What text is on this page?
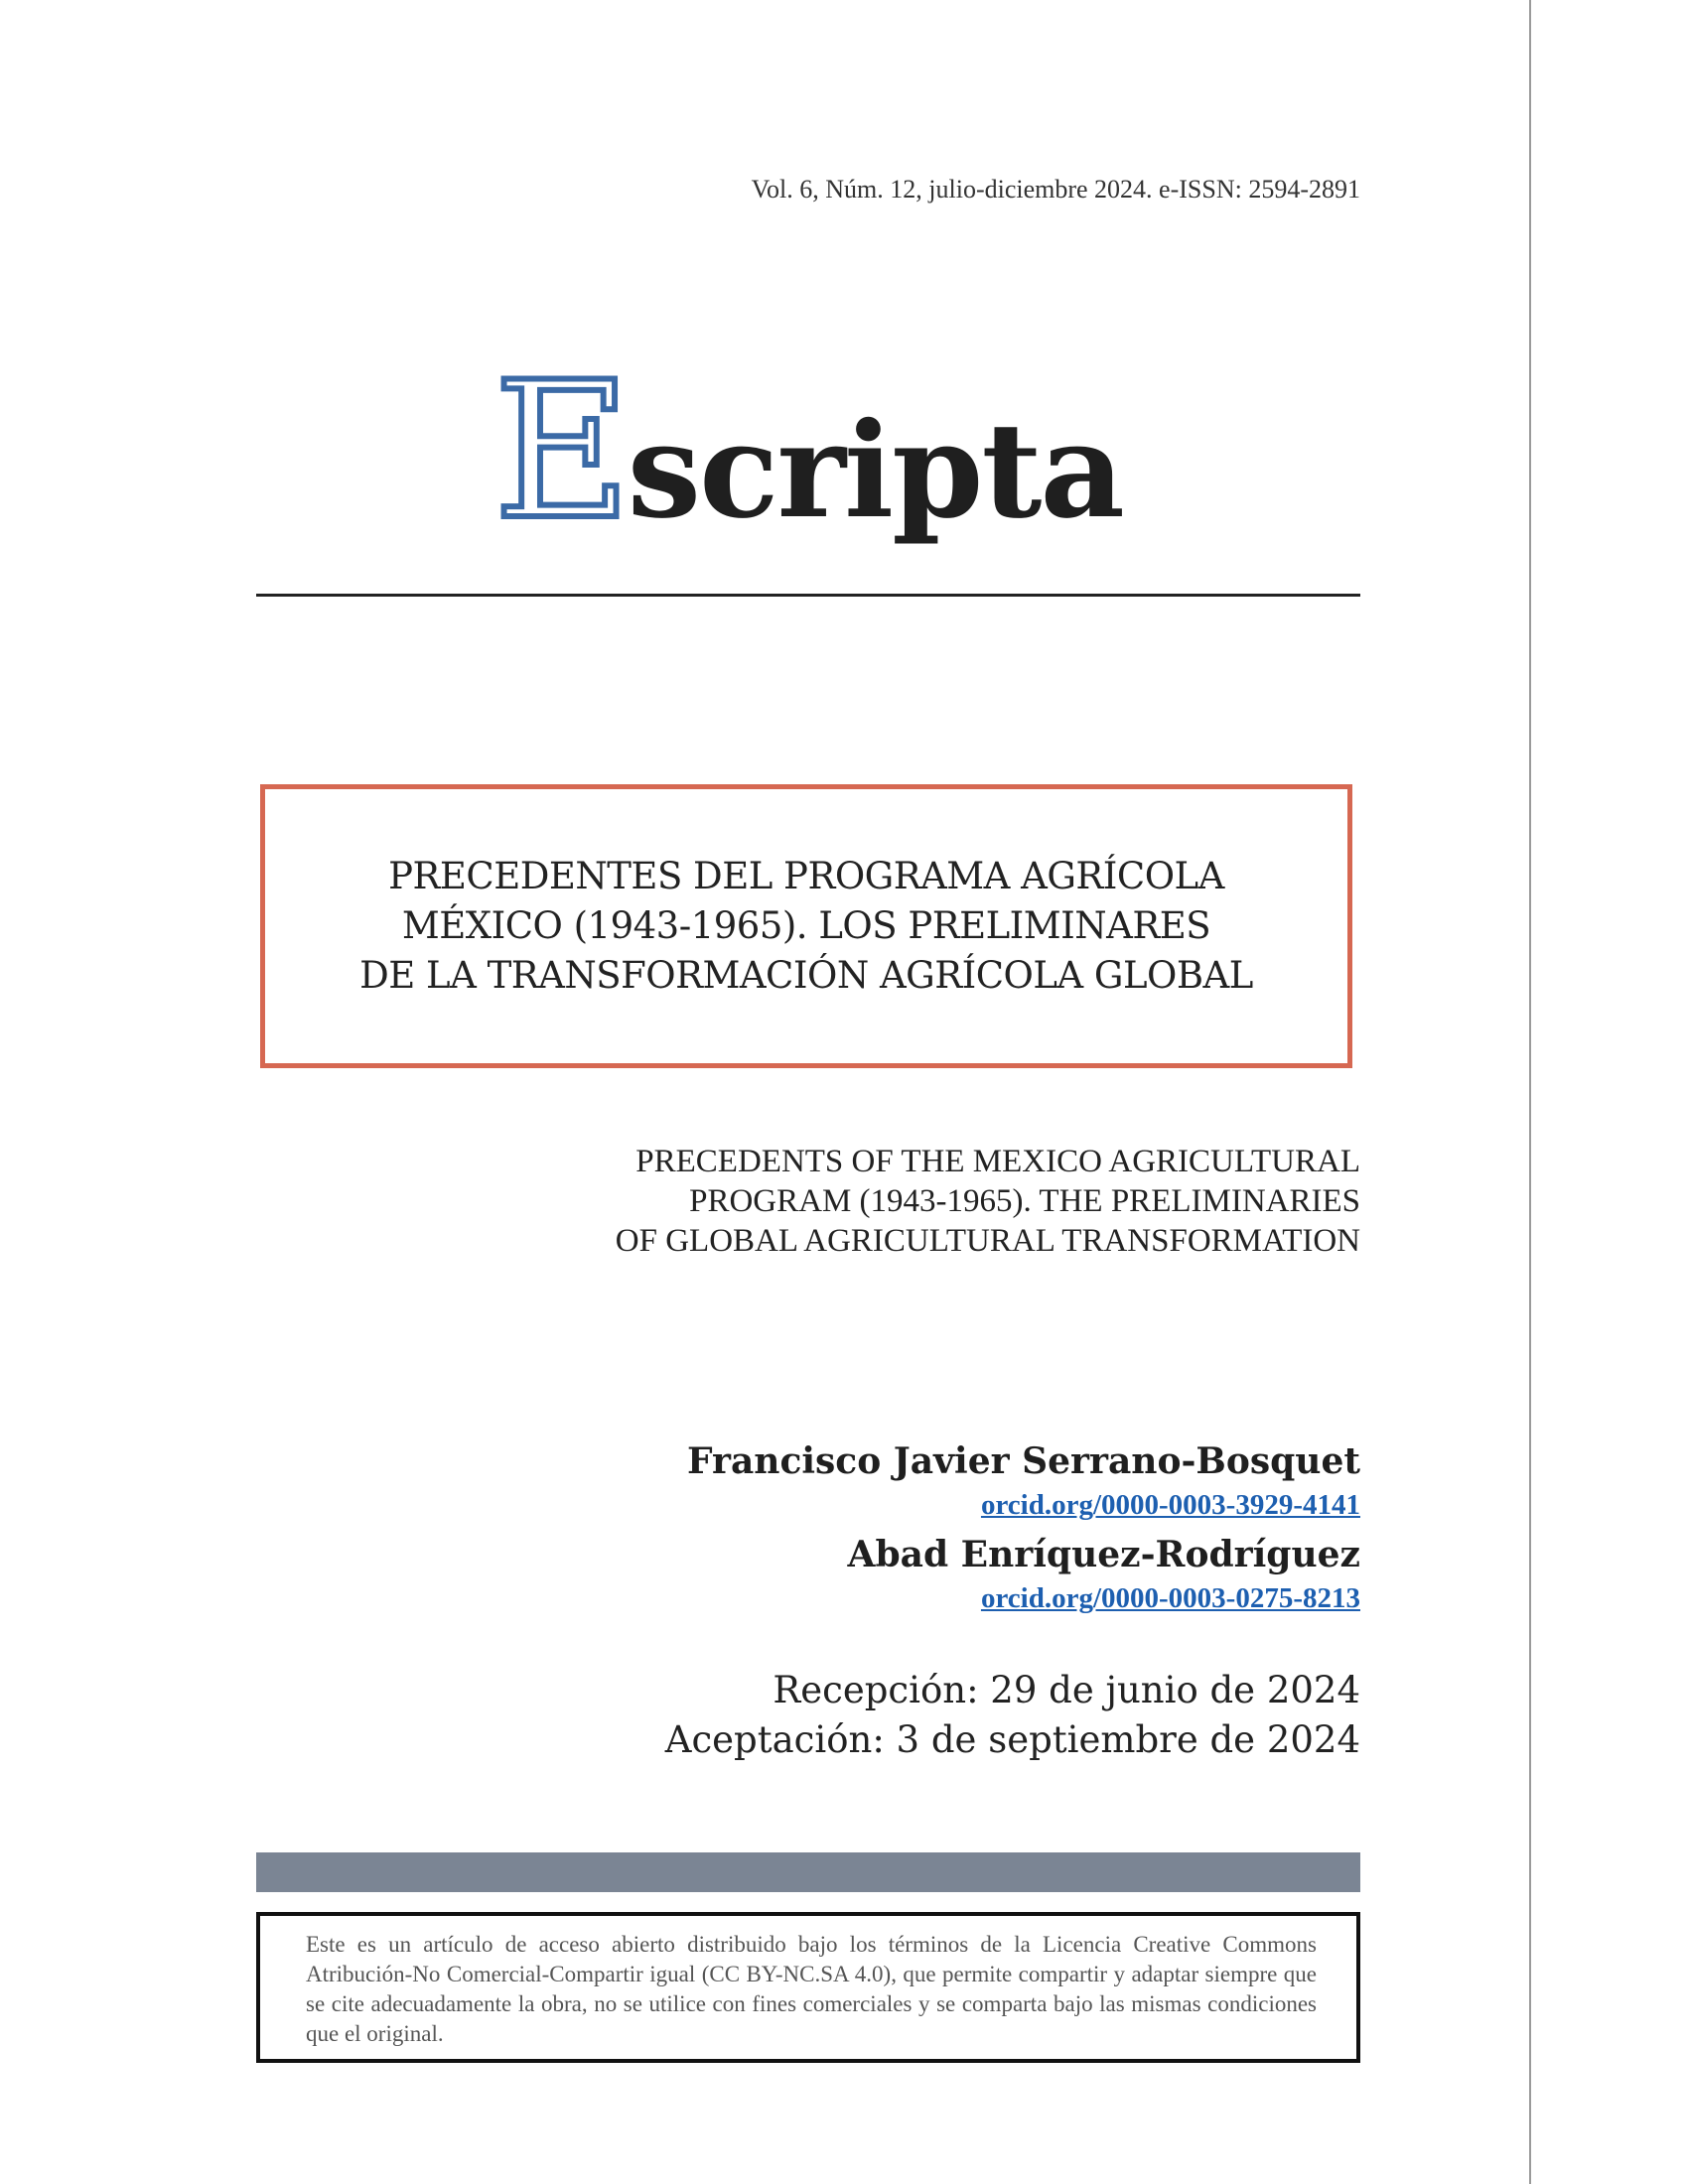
Vol. 6, Núm. 12, julio-diciembre 2024. e-ISSN: 2594-2891
Escripta
PRECEDENTES DEL PROGRAMA AGRÍCOLA
MÉXICO (1943-1965). LOS PRELIMINARES
DE LA TRANSFORMACIÓN AGRÍCOLA GLOBAL
PRECEDENTS OF THE MEXICO AGRICULTURAL
PROGRAM (1943-1965). THE PRELIMINARIES
OF GLOBAL AGRICULTURAL TRANSFORMATION
Francisco Javier Serrano-Bosquet
orcid.org/0000-0003-3929-4141
Abad Enríquez-Rodríguez
orcid.org/0000-0003-0275-8213
Recepción: 29 de junio de 2024
Aceptación: 3 de septiembre de 2024
Este es un artículo de acceso abierto distribuido bajo los términos de la Licencia Creative Commons Atribución-No Comercial-Compartir igual (CC BY-NC.SA 4.0), que permite compartir y adaptar siempre que se cite adecuadamente la obra, no se utilice con fines comerciales y se comparta bajo las mismas condiciones que el original.
